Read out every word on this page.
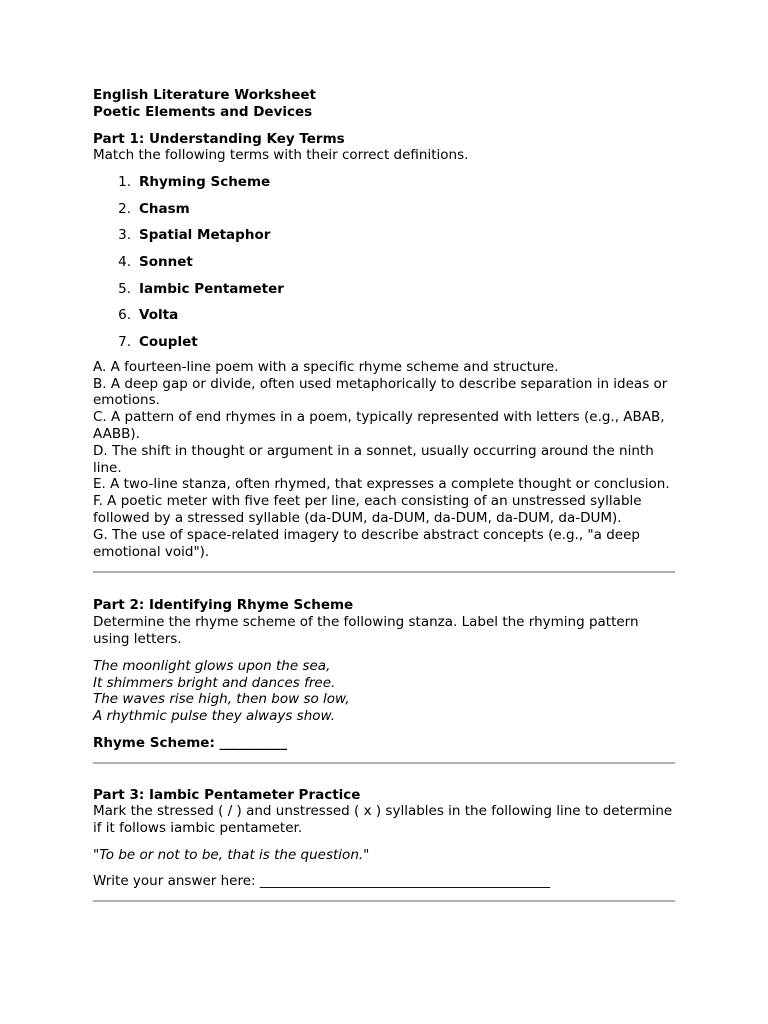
English Literature Worksheet

Poetic Elements and Devices

Part 1: Understanding Key Terms

Match the following terms with their correct definitions.

1. Rhyming Scheme
2. Chasm
3. Spatial Metaphor
4. Sonnet
5. Iambic Pentameter
6. Volta
7. Couplet

A. A fourteen-line poem with a specific rhyme scheme and structure.

B. A deep gap or divide, often used metaphorically to describe separation in ideas or emotions.

C. A pattern of end rhymes in a poem, typically represented with letters (e.g., ABAB, AABB).

D. The shift in thought or argument in a sonnet, usually occurring around the ninth line.

E. A two-line stanza, often rhymed, that expresses a complete thought or conclusion.

F. A poetic meter with five feet per line, each consisting of an unstressed syllable followed by a stressed syllable (da-DUM, da-DUM, da-DUM, da-DUM, da-DUM).

G. The use of space-related imagery to describe abstract concepts (e.g., "a deep emotional void").

Part 2: Identifying Rhyme Scheme

Determine the rhyme scheme of the following stanza. Label the rhyming pattern using letters.

The moonlight glows upon the sea,

It shimmers bright and dances free.

The waves rise high, then bow so low,

A rhythmic pulse they always show.

Rhyme Scheme: __________

Part 3: Iambic Pentameter Practice

Mark the stressed ( / ) and unstressed ( x ) syllables in the following line to determine if it follows iambic pentameter.

"To be or not to be, that is the question."

Write your answer here: ___________________________________________
